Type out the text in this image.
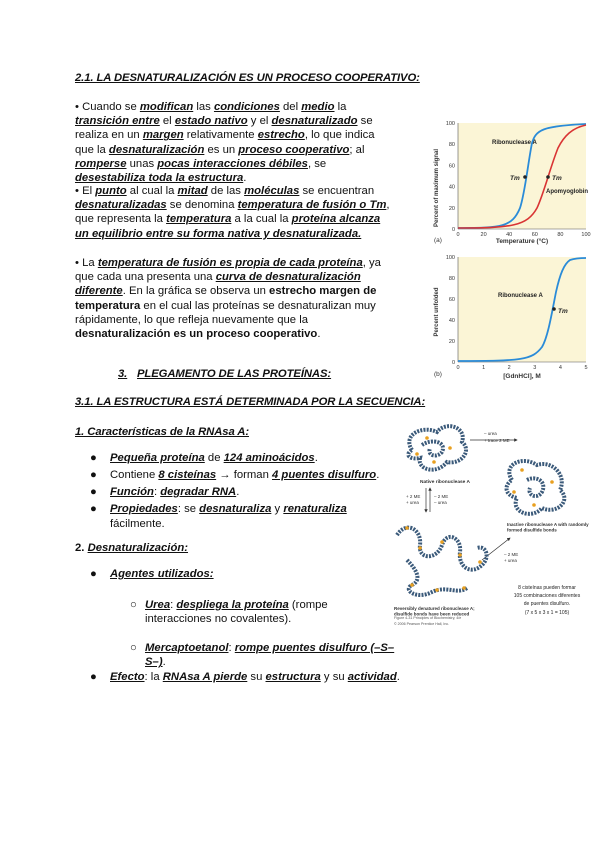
2.1. LA DESNATURALIZACIÓN ES UN PROCESO COOPERATIVO:
• Cuando se modifican las condiciones del medio la transición entre el estado nativo y el desnaturalizado se realiza en un margen relativamente estrecho, lo que indica que la desnaturalización es un proceso cooperativo; al romperse unas pocas interacciones débiles, se desestabiliza toda la estructura.
• El punto al cual la mitad de las moléculas se encuentran desnaturalizadas se denomina temperatura de fusión o Tm, que representa la temperatura a la cual la proteína alcanza un equilibrio entre su forma nativa y desnaturalizada.
• La temperatura de fusión es propia de cada proteína, ya que cada una presenta una curva de desnaturalización diferente. En la gráfica se observa un estrecho margen de temperatura en el cual las proteínas se desnaturalizan muy rápidamente, lo que refleja nuevamente que la desnaturalización es un proceso cooperativo.
0
20
40
60
80
100
0	20	40	60	80	100
Percent of maximum signal
Temperature (°C)
(a)
Ribonuclease A
Apomyoglobin
Tm	Tm
0
20
40
60
80
100
0	1	2	3	4	5
Percent unfolded
[GdnHCl], M
(b)
Ribonuclease A
Tm
3. PLEGAMENTO DE LAS PROTEÍNAS:
3.1. LA ESTRUCTURA ESTÁ DETERMINADA POR LA SECUENCIA:
1. Características de la RNAsa A:
● Pequeña proteína de 124 aminoácidos.
● Contiene 8 cisteínas → forman 4 puentes disulfuro.
● Función: degradar RNA.
● Propiedades: se desnaturaliza y renaturaliza fácilmente.
2. Desnaturalización:
● Agentes utilizados:
○ Urea: despliega la proteína (rompe interacciones no covalentes).
○ Mercaptoetanol: rompe puentes disulfuro (–S–S–).
●	Efecto: la RNAsa A pierde su estructura y su actividad.
Native ribonuclease A
– urea
+ trace 2 ME
Inactive ribonuclease A with randomly formed disulfide bonds
+ 2 ME
+ urea
– 2 ME
– urea
– 2 ME
+ urea
Reversibly denatured ribonuclease A; disulfide bonds have been reduced
Figure 4-31 Principles of Biochemistry, 4/e
© 2006 Pearson Prentice Hall, Inc.
8 cisteínas pueden formar
105 combinaciones diferentes
de puentes disulfuro.
(7 x 5 x 3 x 1 = 105)
